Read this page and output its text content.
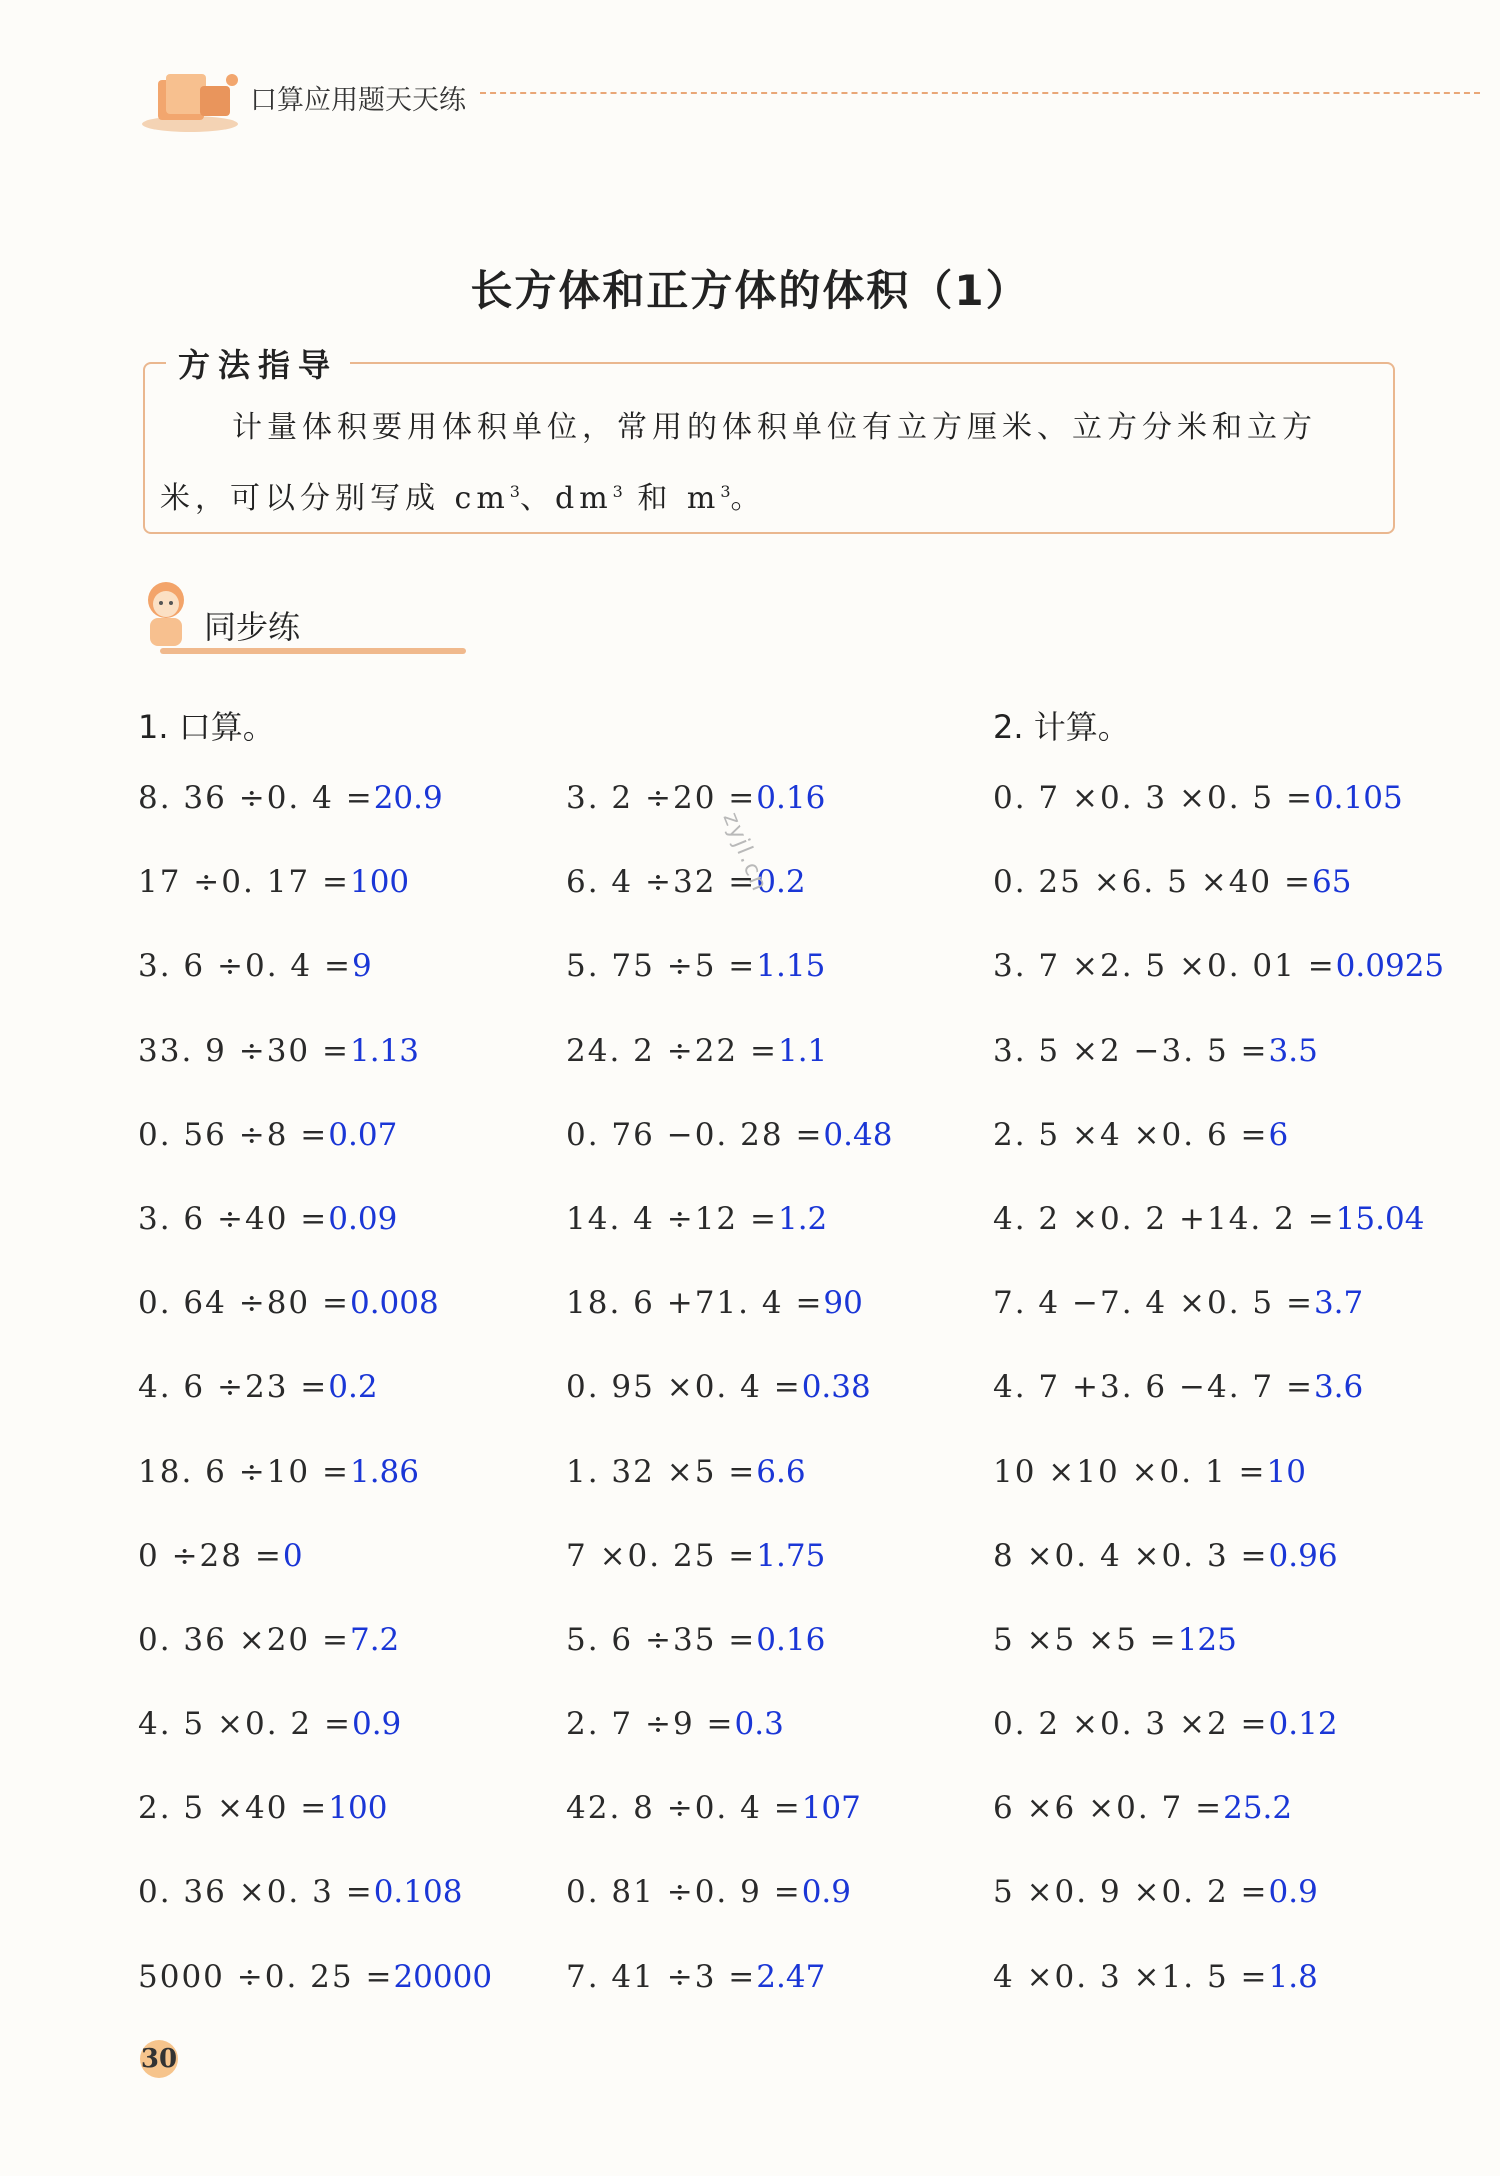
口算应用题天天练
长方体和正方体的体积（1）
方法指导
计量体积要用体积单位，常用的体积单位有立方厘米、立方分米和立方米，可以分别写成 $cm^3$、$dm^3$ 和 $m^3$。
同步练
1. 口算。	2. 计算。
8. 36 ÷0. 4 =20.9
17 ÷0. 17 =100
3. 6 ÷0. 4 =9
33. 9 ÷30 =1.13
0. 56 ÷8 =0.07
3. 6 ÷40 =0.09
0. 64 ÷80 =0.008
4. 6 ÷23 =0.2
18. 6 ÷10 =1.86
0 ÷28 =0
0. 36 ×20 =7.2
4. 5 ×0. 2 =0.9
2. 5 ×40 =100
0. 36 ×0. 3 =0.108
5000 ÷0. 25 =20000
3. 2 ÷20 =0.16
6. 4 ÷32 =0.2
5. 75 ÷5 =1.15
24. 2 ÷22 =1.1
0. 76 −0. 28 =0.48
14. 4 ÷12 =1.2
18. 6 +71. 4 =90
0. 95 ×0. 4 =0.38
1. 32 ×5 =6.6
7 ×0. 25 =1.75
5. 6 ÷35 =0.16
2. 7 ÷9 =0.3
42. 8 ÷0. 4 =107
0. 81 ÷0. 9 =0.9
7. 41 ÷3 =2.47
0. 7 ×0. 3 ×0. 5 =0.105
0. 25 ×6. 5 ×40 =65
3. 7 ×2. 5 ×0. 01 =0.0925
3. 5 ×2 −3. 5 =3.5
2. 5 ×4 ×0. 6 =6
4. 2 ×0. 2 +14. 2 =15.04
7. 4 −7. 4 ×0. 5 =3.7
4. 7 +3. 6 −4. 7 =3.6
10 ×10 ×0. 1 =10
8 ×0. 4 ×0. 3 =0.96
5 ×5 ×5 =125
0. 2 ×0. 3 ×2 =0.12
6 ×6 ×0. 7 =25.2
5 ×0. 9 ×0. 2 =0.9
4 ×0. 3 ×1. 5 =1.8
zyjl.cn
30
